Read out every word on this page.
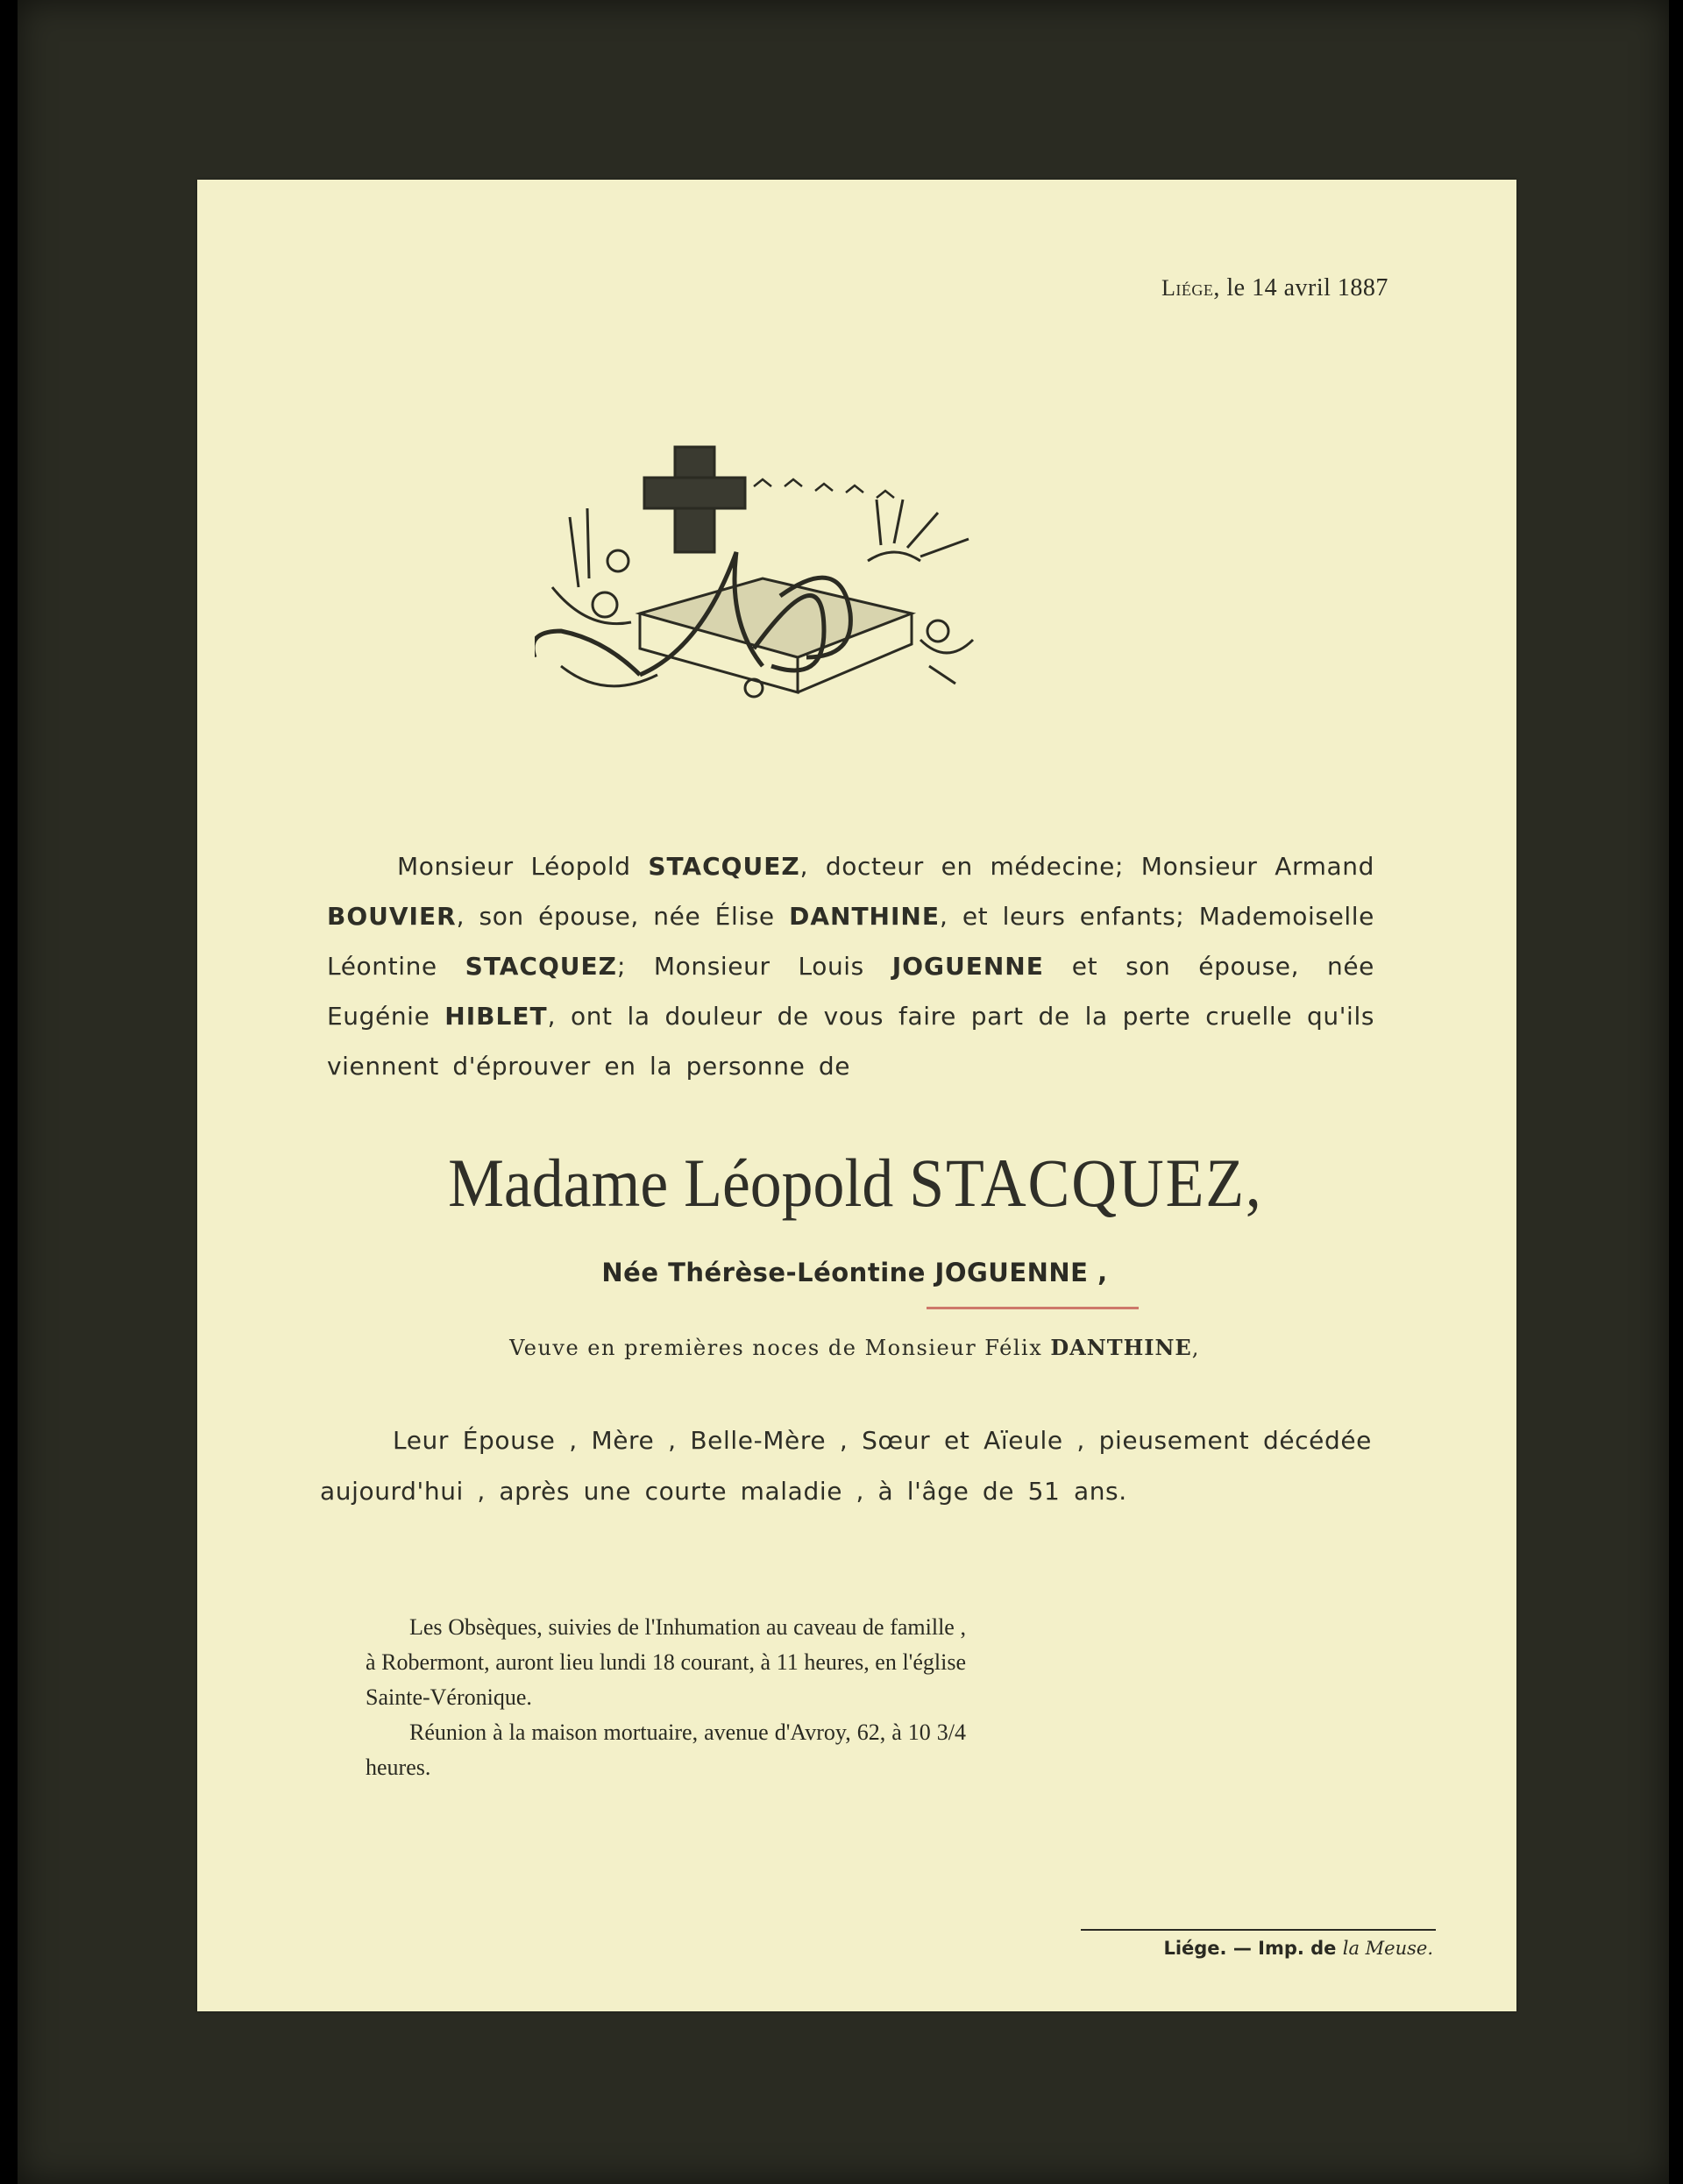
Liége, le 14 avril 1887
Monsieur Léopold STACQUEZ, docteur en médecine; Monsieur Armand BOUVIER, son épouse, née Élise DANTHINE, et leurs enfants; Mademoiselle Léontine STACQUEZ; Monsieur Louis JOGUENNE et son épouse, née Eugénie HIBLET, ont la douleur de vous faire part de la perte cruelle qu'ils viennent d'éprouver en la personne de
Madame Léopold STACQUEZ,
Née Thérèse-Léontine JOGUENNE ,
Veuve en premières noces de Monsieur Félix DANTHINE,
Leur Épouse , Mère , Belle-Mère , Sœur et Aïeule , pieusement décédée aujourd'hui , après une courte maladie , à l'âge de 51 ans.

Les Obsèques, suivies de l'Inhumation au caveau de famille , à Robermont, auront lieu lundi 18 courant, à 11 heures, en l'église Sainte-Véronique.

Réunion à la maison mortuaire, avenue d'Avroy, 62, à 10 3/4 heures.

Liége. — Imp. de la Meuse.
